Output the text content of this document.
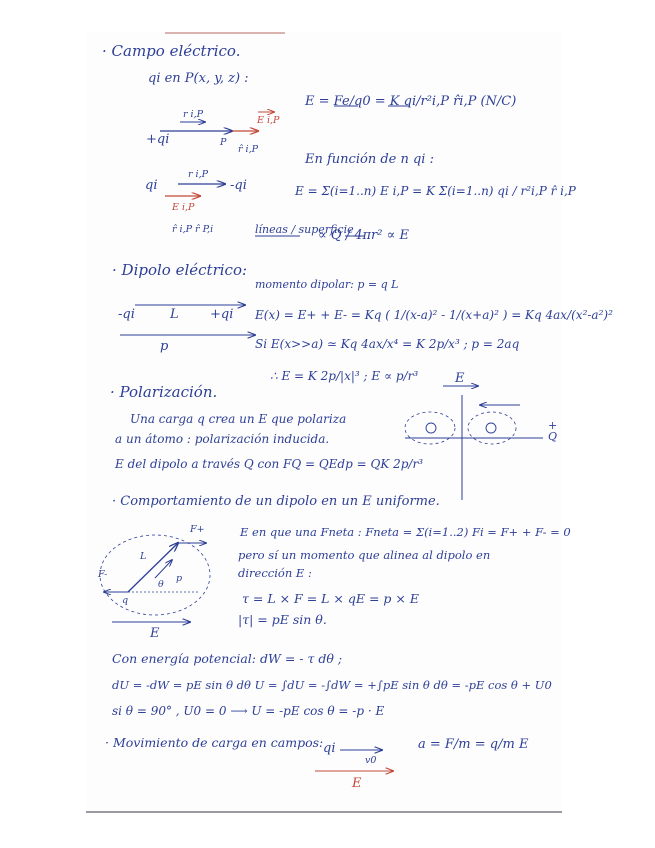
· Campo eléctrico.
qi en P(x, y, z) :
E = Fe/q0 = K qi/r²i,P r̂i,P (N/C)
r i,P
E i,P
+qi	P
r̂ i,P
En función de n qi :
qi	-qi
r i,P
E i,P
r̂ i,P r̂ P,i
E = Σ(i=1..n) E i,P = K Σ(i=1..n) qi / r²i,P r̂ i,P
líneas / superficie
∝ Q / 4πr² ∝ E
· Dipolo eléctrico:
momento dipolar: p = q L
-qi	L +qi
p
E(x) = E+ + E- = Kq ( 1/(x-a)² - 1/(x+a)² ) = Kq 4ax/(x²-a²)²
Si E(x>>a) ≃ Kq 4ax/x⁴ = K 2p/x³ ; p = 2aq
∴ E = K 2p/|x|³ ; E ∝ p/r³	E
· Polarización.
Una carga q crea un E que polariza
a un átomo : polarización inducida.
E del dipolo a través Q con FQ = QEdp = QK 2p/r³
+ Q
· Comportamiento de un dipolo en un E uniforme.
E en que una Fneta : Fneta = Σ(i=1..2) Fi = F+ + F- = 0
pero sí un momento que alinea al dipolo en
dirección E :
τ = L × F = L × qE = p × E
|τ| = pE sin θ.
F+
F-
L
p
θ
q
E
Con energía potencial: dW = - τ dθ ;
dU = -dW = pE sin θ dθ U = ∫dU = -∫dW = +∫pE sin θ dθ = -pE cos θ + U0
si θ = 90° , U0 = 0 ⟶ U = -pE cos θ = -p · E
· Movimiento de carga en campos: qi
v0
E
a = F/m = q/m E
